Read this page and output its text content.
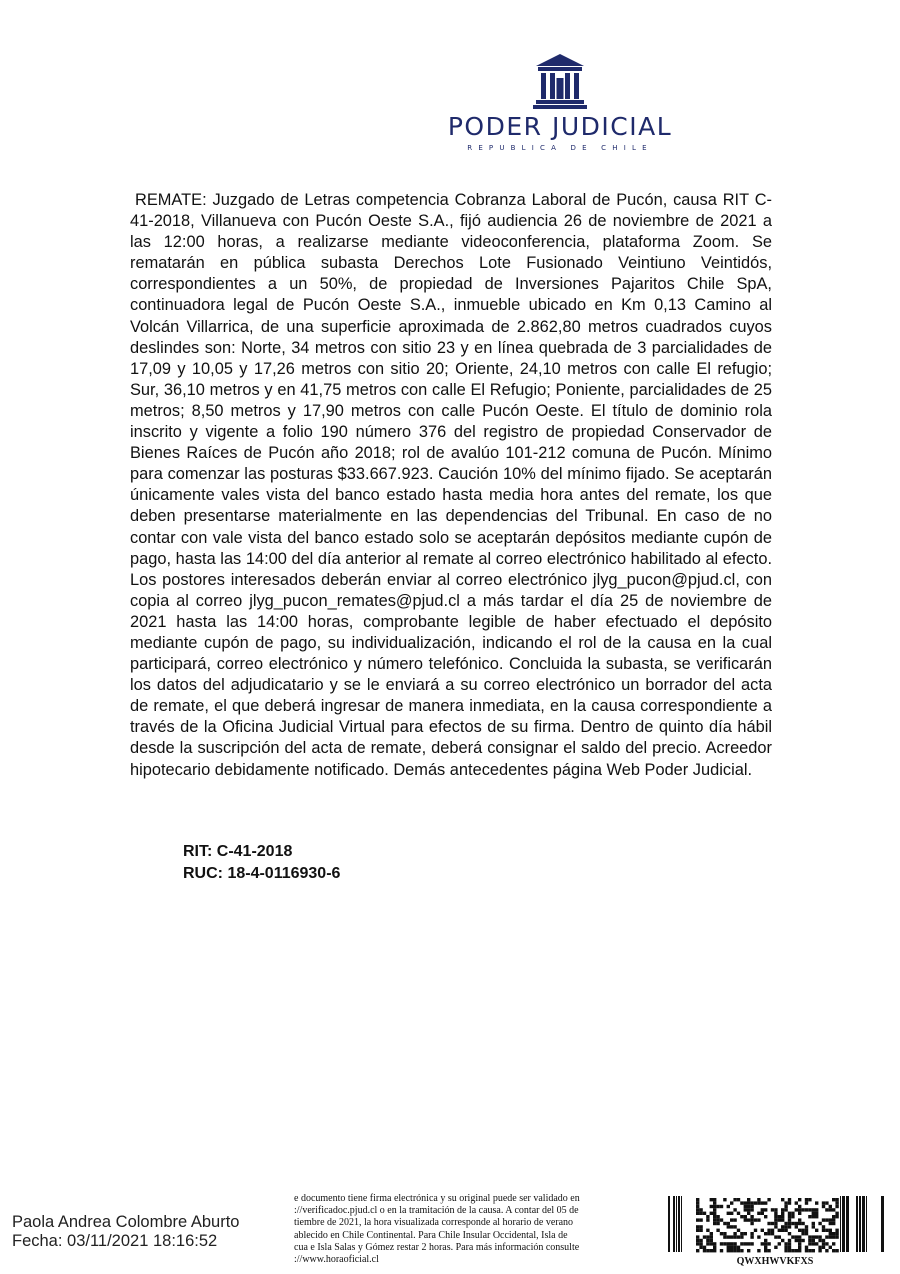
PODER JUDICIAL
REPUBLICA DE CHILE
REMATE: Juzgado de Letras competencia Cobranza Laboral de Pucón, causa RIT C-41-2018, Villanueva con Pucón Oeste S.A., fijó audiencia 26 de noviembre de 2021 a las 12:00 horas, a realizarse mediante videoconferencia, plataforma Zoom. Se rematarán en pública subasta Derechos Lote Fusionado Veintiuno Veintidós, correspondientes a un 50%, de propiedad de Inversiones Pajaritos Chile SpA, continuadora legal de Pucón Oeste S.A., inmueble ubicado en Km 0,13 Camino al Volcán Villarrica, de una superficie aproximada de 2.862,80 metros cuadrados cuyos deslindes son: Norte, 34 metros con sitio 23 y en línea quebrada de 3 parcialidades de 17,09 y 10,05 y 17,26 metros con sitio 20; Oriente, 24,10 metros con calle El refugio; Sur, 36,10 metros y en 41,75 metros con calle El Refugio; Poniente, parcialidades de 25 metros; 8,50 metros y 17,90 metros con calle Pucón Oeste. El título de dominio rola inscrito y vigente a folio 190 número 376 del registro de propiedad Conservador de Bienes Raíces de Pucón año 2018; rol de avalúo 101-212 comuna de Pucón. Mínimo para comenzar las posturas $33.667.923. Caución 10% del mínimo fijado. Se aceptarán únicamente vales vista del banco estado hasta media hora antes del remate, los que deben presentarse materialmente en las dependencias del Tribunal. En caso de no contar con vale vista del banco estado solo se aceptarán depósitos mediante cupón de pago, hasta las 14:00 del día anterior al remate al correo electrónico habilitado al efecto. Los postores interesados deberán enviar al correo electrónico jlyg_pucon@pjud.cl, con copia al correo jlyg_pucon_remates@pjud.cl a más tardar el día 25 de noviembre de 2021 hasta las 14:00 horas, comprobante legible de haber efectuado el depósito mediante cupón de pago, su individualización, indicando el rol de la causa en la cual participará, correo electrónico y número telefónico. Concluida la subasta, se verificarán los datos del adjudicatario y se le enviará a su correo electrónico un borrador del acta de remate, el que deberá ingresar de manera inmediata, en la causa correspondiente a través de la Oficina Judicial Virtual para efectos de su firma. Dentro de quinto día hábil desde la suscripción del acta de remate, deberá consignar el saldo del precio. Acreedor hipotecario debidamente notificado. Demás antecedentes página Web Poder Judicial.
RIT: C-41-2018
RUC: 18-4-0116930-6
Paola Andrea Colombre Aburto
Fecha: 03/11/2021 18:16:52
e documento tiene firma electrónica y su original puede ser validado en
://verificadoc.pjud.cl o en la tramitación de la causa. A contar del 05 de
tiembre de 2021, la hora visualizada corresponde al horario de verano
ablecido en Chile Continental. Para Chile Insular Occidental, Isla de
cua e Isla Salas y Gómez restar 2 horas. Para más información consulte
://www.horaoficial.cl	QWXHWVKFXS
